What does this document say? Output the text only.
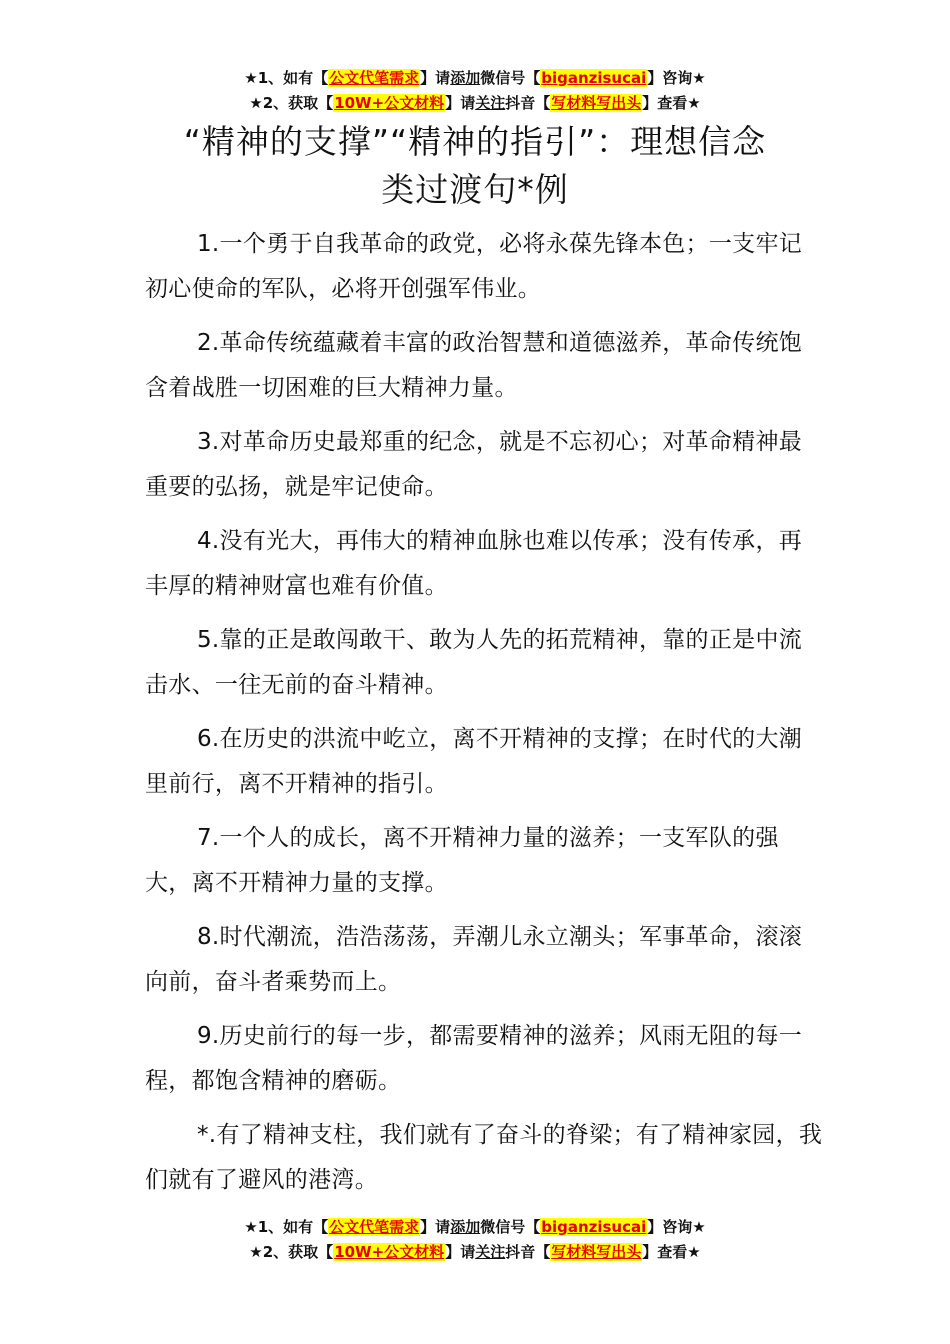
★1、如有【公文代笔需求】请添加微信号【biganzisucai】咨询★
★2、获取【10W+公文材料】请关注抖音【写材料写出头】查看★
“精神的支撑”“精神的指引”：理想信念
类过渡句*例

1.一个勇于自我革命的政党，必将永葆先锋本色；一支牢记初心使命的军队，必将开创强军伟业。

2.革命传统蕴藏着丰富的政治智慧和道德滋养，革命传统饱含着战胜一切困难的巨大精神力量。

3.对革命历史最郑重的纪念，就是不忘初心；对革命精神最重要的弘扬，就是牢记使命。

4.没有光大，再伟大的精神血脉也难以传承；没有传承，再丰厚的精神财富也难有价值。

5.靠的正是敢闯敢干、敢为人先的拓荒精神，靠的正是中流击水、一往无前的奋斗精神。

6.在历史的洪流中屹立，离不开精神的支撑；在时代的大潮里前行，离不开精神的指引。

7.一个人的成长，离不开精神力量的滋养；一支军队的强大，离不开精神力量的支撑。

8.时代潮流，浩浩荡荡，弄潮儿永立潮头；军事革命，滚滚向前，奋斗者乘势而上。

9.历史前行的每一步，都需要精神的滋养；风雨无阻的每一程，都饱含精神的磨砺。

*.有了精神支柱，我们就有了奋斗的脊梁；有了精神家园，我们就有了避风的港湾。

★1、如有【公文代笔需求】请添加微信号【biganzisucai】咨询★
★2、获取【10W+公文材料】请关注抖音【写材料写出头】查看★
